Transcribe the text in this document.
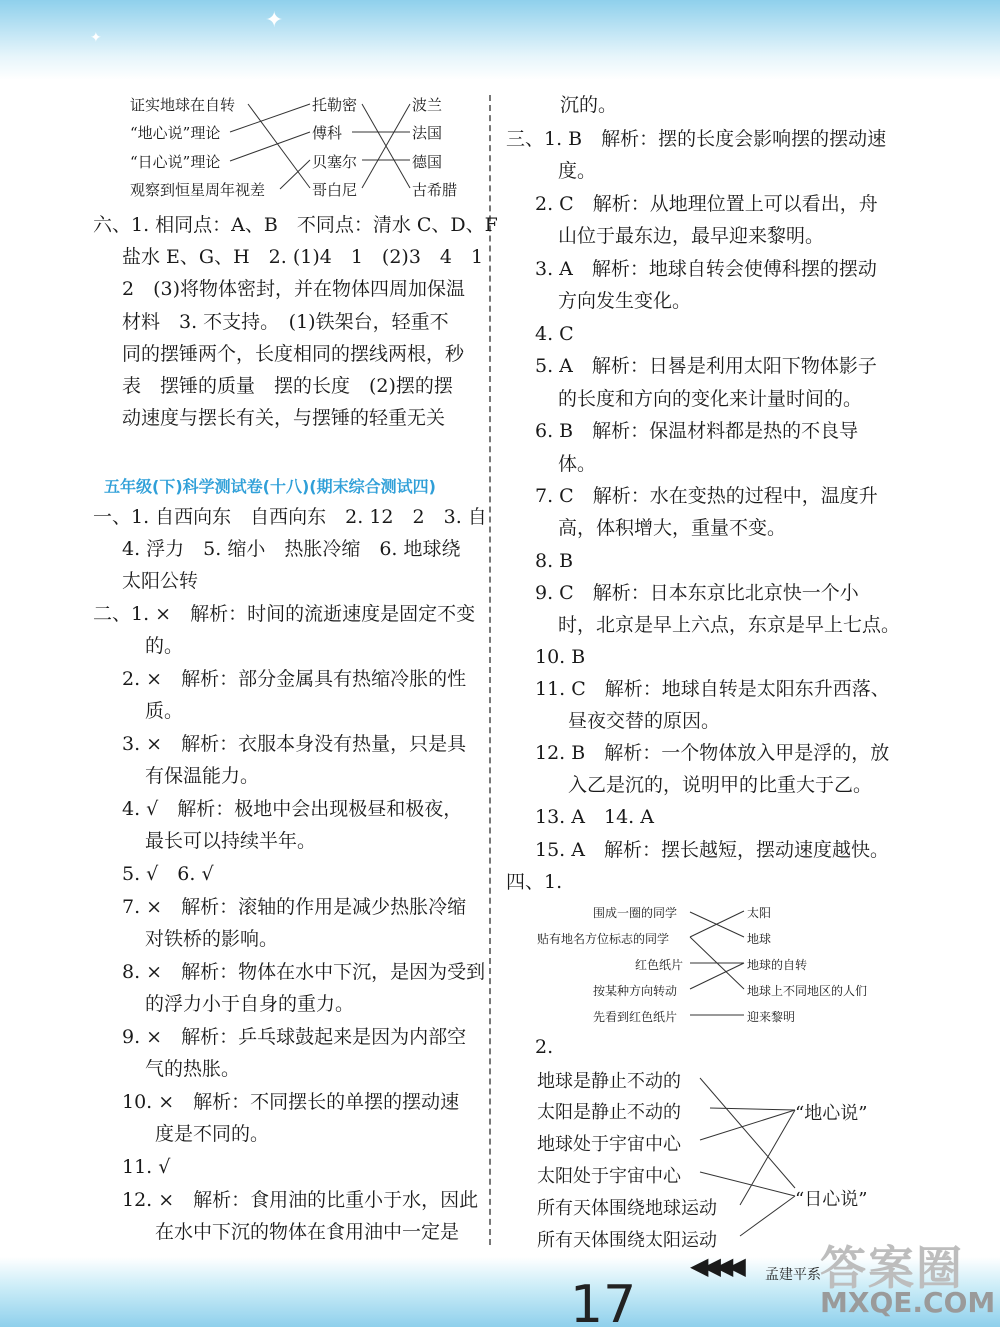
✦
✦
证实地球在自转
“地心说”理论
“日心说”理论
观察到恒星周年视差
托勒密
傅科
贝塞尔
哥白尼
波兰
法国
德国
古希腊
六、1. 相同点：A、B　不同点：清水 C、D、F
盐水 E、G、H　2. (1)4　1　(2)3　4　1
2　(3)将物体密封，并在物体四周加保温
材料　3. 不支持。　(1)铁架台，轻重不
同的摆锤两个，长度相同的摆线两根，秒
表　摆锤的质量　摆的长度　(2)摆的摆
动速度与摆长有关，与摆锤的轻重无关
五年级(下)科学测试卷(十八)(期末综合测试四)
一、1. 自西向东　自西向东　2. 12　2　3. 自
4. 浮力　5. 缩小　热胀冷缩　6. 地球绕
太阳公转
二、1. ×　解析：时间的流逝速度是固定不变
的。
2. ×　解析：部分金属具有热缩冷胀的性
质。
3. ×　解析：衣服本身没有热量，只是具
有保温能力。
4. √　解析：极地中会出现极昼和极夜，
最长可以持续半年。
5. √　6. √
7. ×　解析：滚轴的作用是减少热胀冷缩
对铁桥的影响。
8. ×　解析：物体在水中下沉，是因为受到
的浮力小于自身的重力。
9. ×　解析：乒乓球鼓起来是因为内部空
气的热胀。
10. ×　解析：不同摆长的单摆的摆动速
度是不同的。
11. √
12. ×　解析：食用油的比重小于水，因此
在水中下沉的物体在食用油中一定是
沉的。
三、1. B　解析：摆的长度会影响摆的摆动速
度。
2. C　解析：从地理位置上可以看出，舟
山位于最东边，最早迎来黎明。
3. A　解析：地球自转会使傅科摆的摆动
方向发生变化。
4. C
5. A　解析：日晷是利用太阳下物体影子
的长度和方向的变化来计量时间的。
6. B　解析：保温材料都是热的不良导
体。
7. C　解析：水在变热的过程中，温度升
高，体积增大，重量不变。
8. B
9. C　解析：日本东京比北京快一个小
时，北京是早上六点，东京是早上七点。
10. B
11. C　解析：地球自转是太阳东升西落、
昼夜交替的原因。
12. B　解析：一个物体放入甲是浮的，放
入乙是沉的，说明甲的比重大于乙。
13. A　14. A
15. A　解析：摆长越短，摆动速度越快。
四、1.
围成一圈的同学
贴有地名方位标志的同学
红色纸片
按某种方向转动
先看到红色纸片
太阳
地球
地球的自转
地球上不同地区的人们
迎来黎明
2.
地球是静止不动的
太阳是静止不动的
地球处于宇宙中心
太阳处于宇宙中心
所有天体围绕地球运动
所有天体围绕太阳运动
“地心说”
“日心说”
◀◀◀◀ 孟建平系
17
答案圈
MXQE.COM
